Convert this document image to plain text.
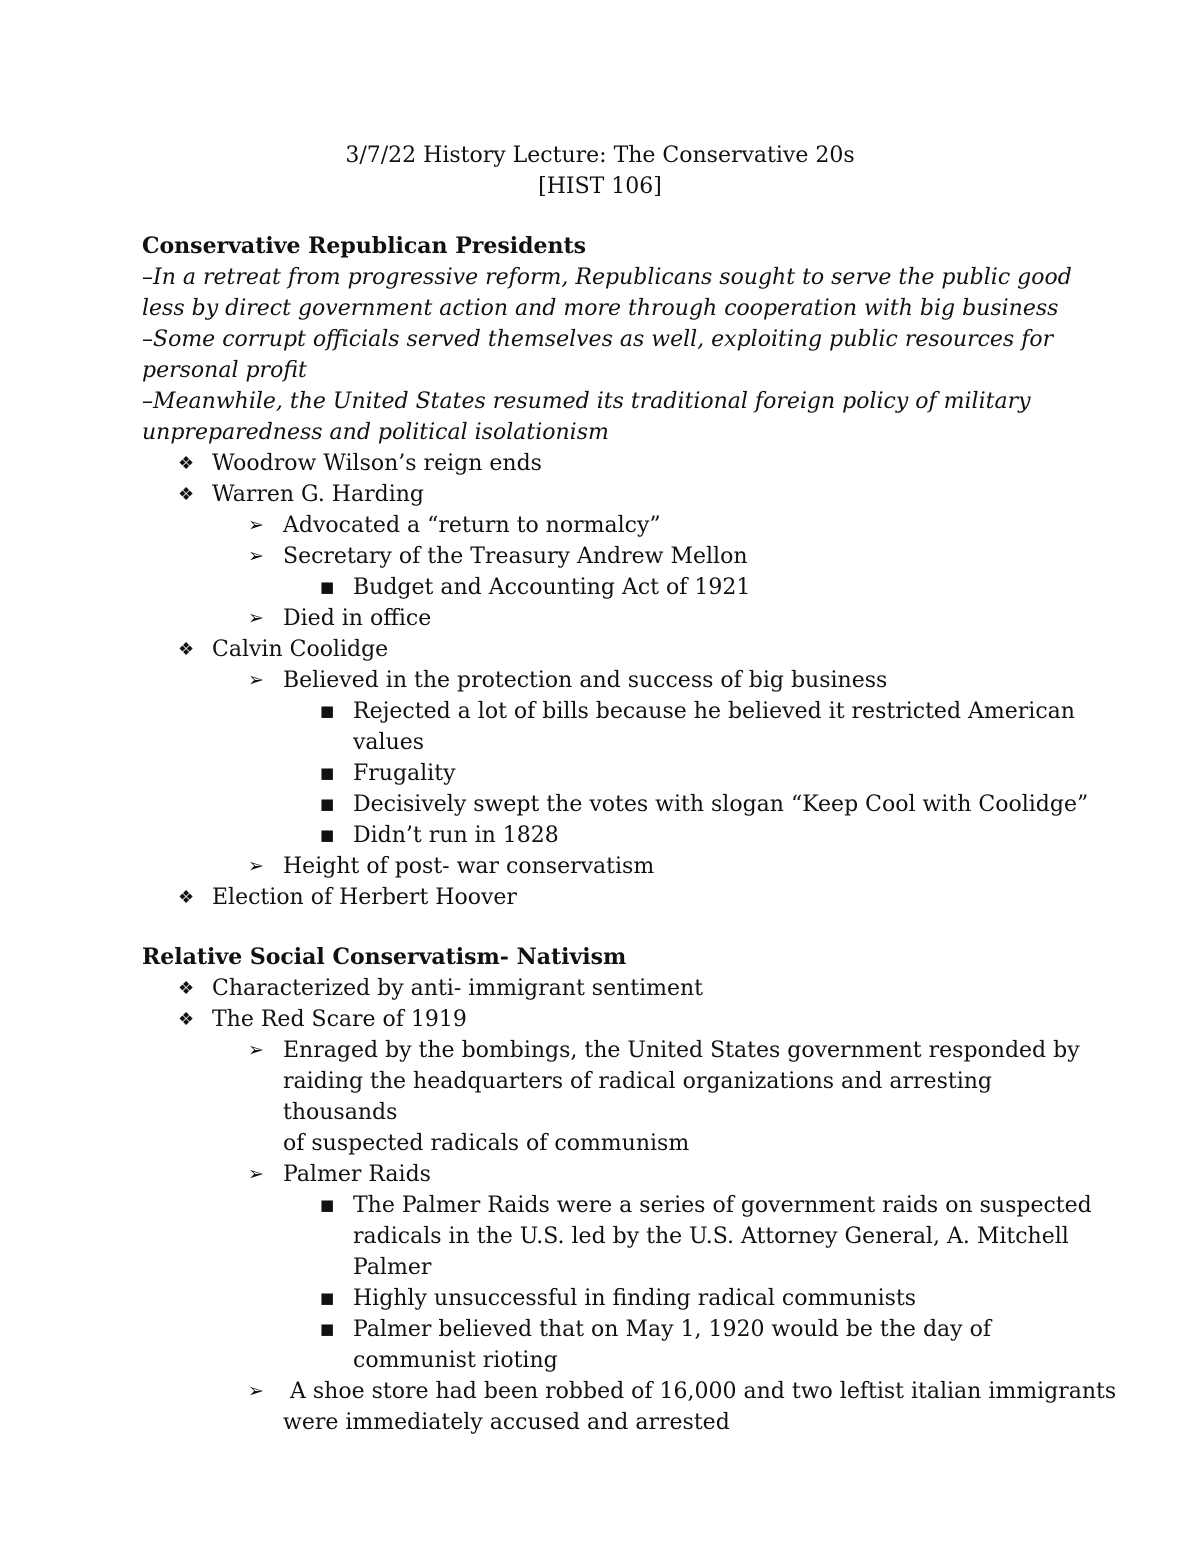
3/7/22 History Lecture: The Conservative 20s
[HIST 106]
Conservative Republican Presidents
–In a retreat from progressive reform, Republicans sought to serve the public good
less by direct government action and more through cooperation with big business
–Some corrupt officials served themselves as well, exploiting public resources for
personal profit
–Meanwhile, the United States resumed its traditional foreign policy of military
unpreparedness and political isolationism
❖ Woodrow Wilson’s reign ends
❖ Warren G. Harding
➢ Advocated a “return to normalcy”
➢ Secretary of the Treasury Andrew Mellon
■ Budget and Accounting Act of 1921
➢ Died in office
❖ Calvin Coolidge
➢ Believed in the protection and success of big business
■ Rejected a lot of bills because he believed it restricted American
values
■ Frugality
■ Decisively swept the votes with slogan “Keep Cool with Coolidge”
■ Didn’t run in 1828
➢ Height of post- war conservatism
❖ Election of Herbert Hoover
Relative Social Conservatism- Nativism
❖ Characterized by anti- immigrant sentiment
❖ The Red Scare of 1919
➢ Enraged by the bombings, the United States government responded by
raiding the headquarters of radical organizations and arresting thousands
of suspected radicals of communism
➢ Palmer Raids
■ The Palmer Raids were a series of government raids on suspected
radicals in the U.S. led by the U.S. Attorney General, A. Mitchell
Palmer
■ Highly unsuccessful in finding radical communists
■ Palmer believed that on May 1, 1920 would be the day of
communist rioting
➢ A shoe store had been robbed of 16,000 and two leftist italian immigrants
were immediately accused and arrested
